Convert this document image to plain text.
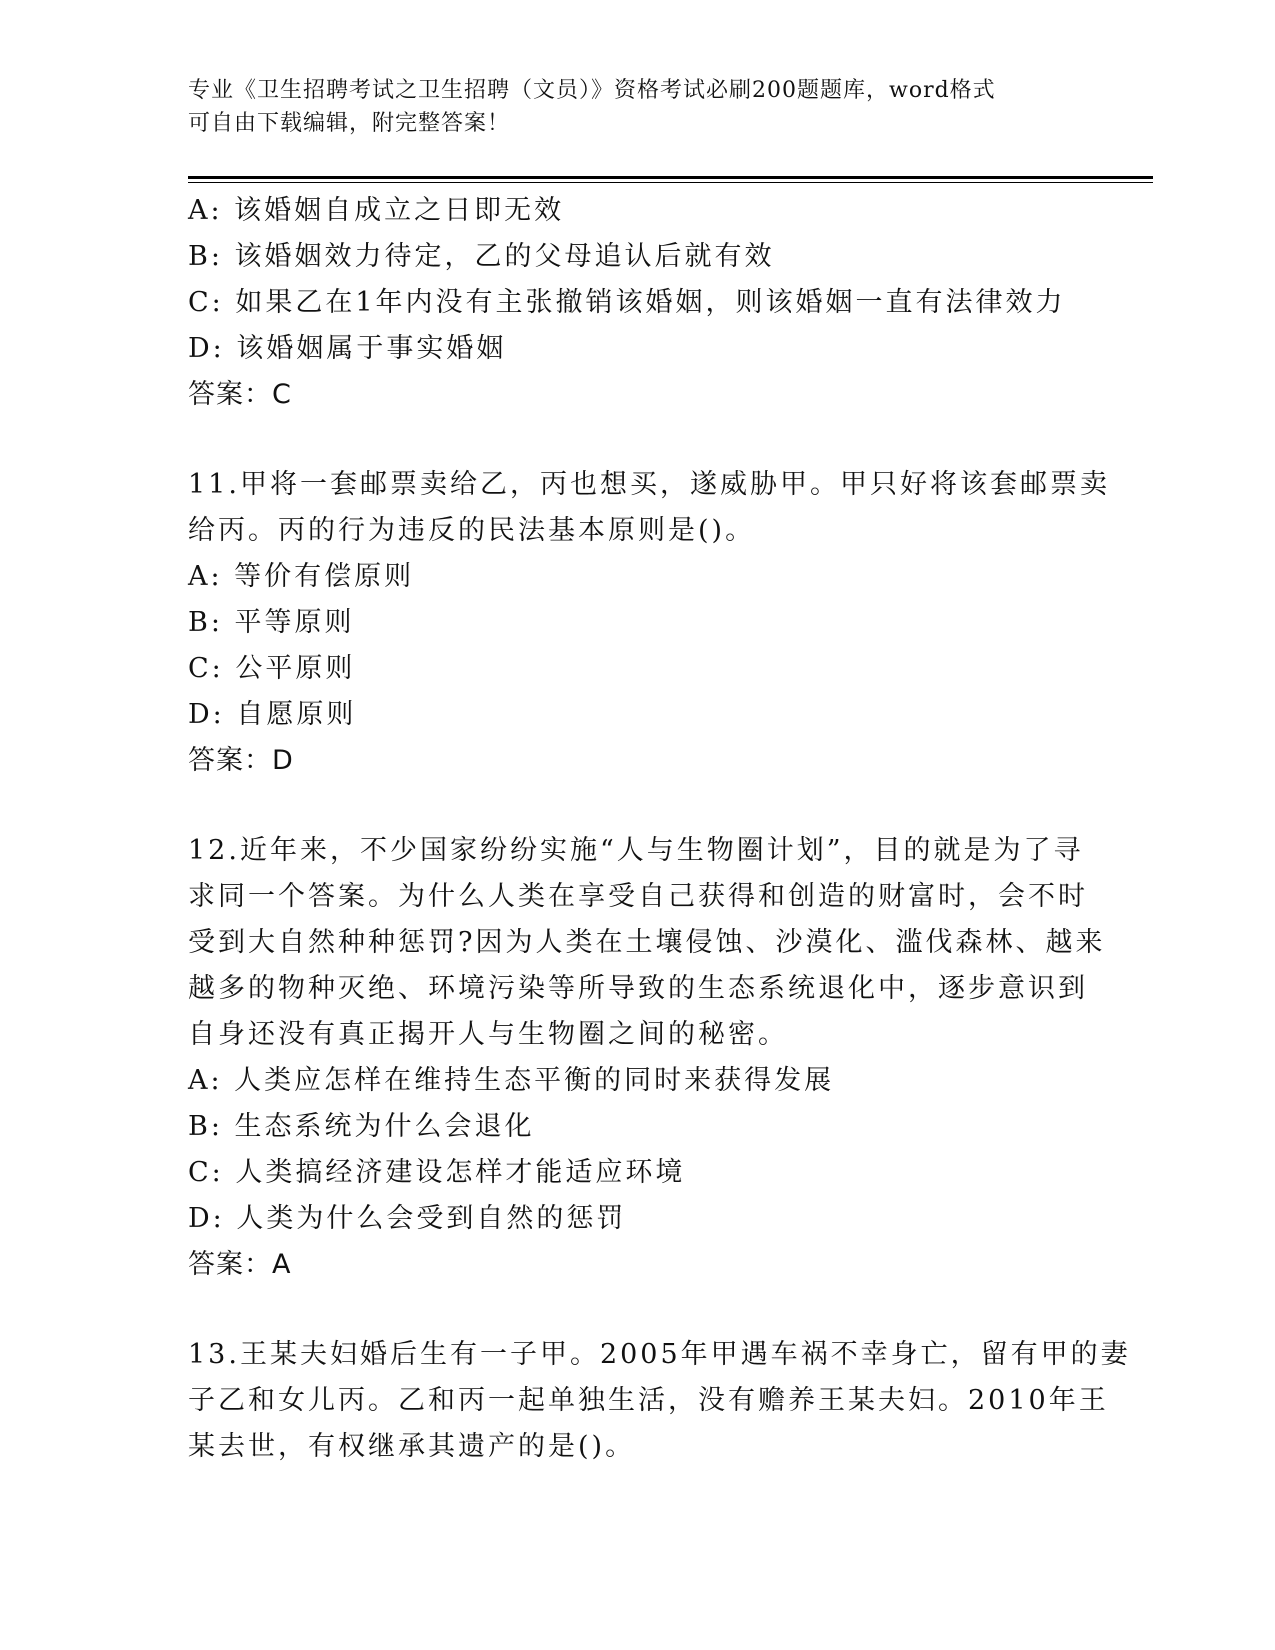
专业《卫生招聘考试之卫生招聘（文员）》资格考试必刷200题题库，word格式
可自由下载编辑，附完整答案！
A: 该婚姻自成立之日即无效
B: 该婚姻效力待定，乙的父母追认后就有效
C: 如果乙在1年内没有主张撤销该婚姻，则该婚姻一直有法律效力
D: 该婚姻属于事实婚姻
答案：C
11.甲将一套邮票卖给乙，丙也想买，遂威胁甲。甲只好将该套邮票卖
给丙。丙的行为违反的民法基本原则是()。
A: 等价有偿原则
B: 平等原则
C: 公平原则
D: 自愿原则
答案：D
12.近年来，不少国家纷纷实施“人与生物圈计划”，目的就是为了寻
求同一个答案。为什么人类在享受自己获得和创造的财富时，会不时
受到大自然种种惩罚?因为人类在土壤侵蚀、沙漠化、滥伐森林、越来
越多的物种灭绝、环境污染等所导致的生态系统退化中，逐步意识到
自身还没有真正揭开人与生物圈之间的秘密。
A: 人类应怎样在维持生态平衡的同时来获得发展
B: 生态系统为什么会退化
C: 人类搞经济建设怎样才能适应环境
D: 人类为什么会受到自然的惩罚
答案：A
13.王某夫妇婚后生有一子甲。2005年甲遇车祸不幸身亡，留有甲的妻
子乙和女儿丙。乙和丙一起单独生活，没有赡养王某夫妇。2010年王
某去世，有权继承其遗产的是()。
